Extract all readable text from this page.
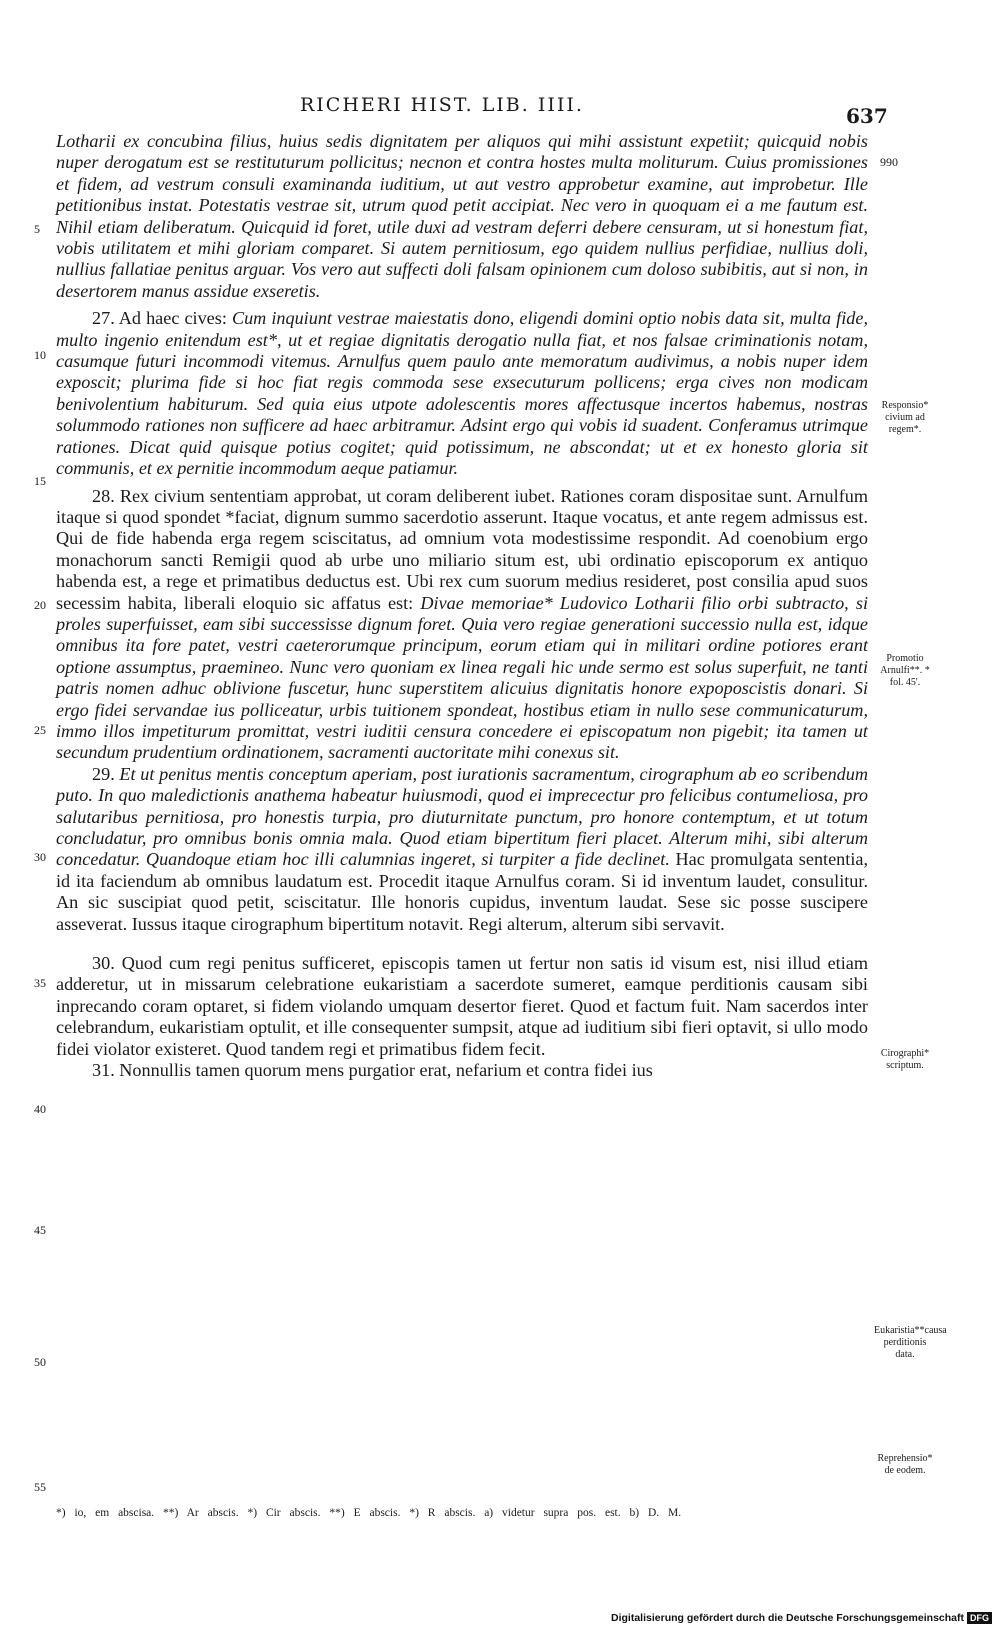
RICHERI HIST. LIB. IIII.	637
990
5
10
15
20
25
30
35
40
45
50
55
Responsio* civium ad regem*.
Promotio Arnulfi**. * fol. 45'.
Cirographi* scriptum.
Eukaristia**causa perditionis data.
Reprehensio* de eodem.

Lotharii ex concubina filius, huius sedis dignitatem per aliquos qui mihi assistunt expetiit; quicquid nobis nuper derogatum est se restituturum pollicitus; necnon et contra hostes multa moliturum. Cuius promissiones et fidem, ad vestrum consuli examinanda iuditium, ut aut vestro approbetur examine, aut improbetur. Ille petitionibus instat. Potestatis vestrae sit, utrum quod petit accipiat. Nec vero in quoquam ei a me fautum est. Nihil etiam deliberatum. Quicquid id foret, utile duxi ad vestram deferri debere censuram, ut si honestum fiat, vobis utilitatem et mihi gloriam comparet. Si autem pernitiosum, ego quidem nullius perfidiae, nullius doli, nullius fallatiae penitus arguar. Vos vero aut suffecti doli falsam opinionem cum doloso subibitis, aut si non, in desertorem manus assidue exseretis.

27. Ad haec cives: Cum inquiunt vestrae maiestatis dono, eligendi domini optio nobis data sit, multa fide, multo ingenio enitendum est*, ut et regiae dignitatis derogatio nulla fiat, et nos falsae criminationis notam, casumque futuri incommodi vitemus. Arnulfus quem paulo ante memoratum audivimus, a nobis nuper idem exposcit; plurima fide si hoc fiat regis commoda sese exsecuturum pollicens; erga cives non modicam benivolentium habiturum. Sed quia eius utpote adolescentis mores affectusque incertos habemus, nostras solummodo rationes non sufficere ad haec arbitramur. Adsint ergo qui vobis id suadent. Conferamus utrimque rationes. Dicat quid quisque potius cogitet; quid potissimum, ne abscondat; ut et ex honesto gloria sit communis, et ex pernitie incommodum aeque patiamur.

28. Rex civium sententiam approbat, ut coram deliberent iubet. Rationes coram dispositae sunt. Arnulfum itaque si quod spondet *faciat, dignum summo sacerdotio asserunt. Itaque vocatus, et ante regem admissus est. Qui de fide habenda erga regem sciscitatus, ad omnium vota modestissime respondit. Ad coenobium ergo monachorum sancti Remigii quod ab urbe uno miliario situm est, ubi ordinatio episcoporum ex antiquo habenda est, a rege et primatibus deductus est. Ubi rex cum suorum medius resideret, post consilia apud suos secessim habita, liberali eloquio sic affatus est: Divae memoriae* Ludovico Lotharii filio orbi subtracto, si proles superfuisset, eam sibi successisse dignum foret. Quia vero regiae generationi successio nulla est, idque omnibus ita fore patet, vestri caeterorumque principum, eorum etiam qui in militari ordine potiores erant optione assumptus, praemineo. Nunc vero quoniam ex linea regali hic unde sermo est solus superfuit, ne tanti patris nomen adhuc oblivione fuscetur, hunc superstitem alicuius dignitatis honore expoposcistis donari. Si ergo fidei servandae ius polliceatur, urbis tuitionem spondeat, hostibus etiam in nullo sese communicaturum, immo illos impetiturum promittat, vestri iuditii censura concedere ei episcopatum non pigebit; ita tamen ut secundum prudentium ordinationem, sacramenti auctoritate mihi conexus sit.

29. Et ut penitus mentis conceptum aperiam, post iurationis sacramentum, cirographum ab eo scribendum puto. In quo maledictionis anathema habeatur huiusmodi, quod ei imprecectur pro felicibus contumeliosa, pro salutaribus pernitiosa, pro honestis turpia, pro diuturnitate punctum, pro honore contemptum, et ut totum concludatur, pro omnibus bonis omnia mala. Quod etiam bipertitum fieri placet. Alterum mihi, sibi alterum concedatur. Quandoque etiam hoc illi calumnias ingeret, si turpiter a fide declinet. Hac promulgata sententia, id ita faciendum ab omnibus laudatum est. Procedit itaque Arnulfus coram. Si id inventum laudet, consulitur. An sic suscipiat quod petit, sciscitatur. Ille honoris cupidus, inventum laudat. Sese sic posse suscipere asseverat. Iussus itaque cirographum bipertitum notavit. Regi alterum, alterum sibi servavit.

30. Quod cum regi penitus sufficeret, episcopis tamen ut fertur non satis id visum est, nisi illud etiam adderetur, ut in missarum celebratione eukaristiam a sacerdote sumeret, eamque perditionis causam sibi inprecando coram optaret, si fidem violando umquam desertor fieret. Quod et factum fuit. Nam sacerdos inter celebrandum, eukaristiam optulit, et ille consequenter sumpsit, atque ad iuditium sibi fieri optavit, si ullo modo fidei violator existeret. Quod tandem regi et primatibus fidem fecit.

31. Nonnullis tamen quorum mens purgatior erat, nefarium et contra fidei ius

*) io, em abscisa. **) Ar abscis. *) Cir abscis. **) E abscis. *) R abscis. a) videtur supra pos. est. b) D. M.
Digitalisierung gefördert durch die Deutsche Forschungsgemeinschaft DFG
